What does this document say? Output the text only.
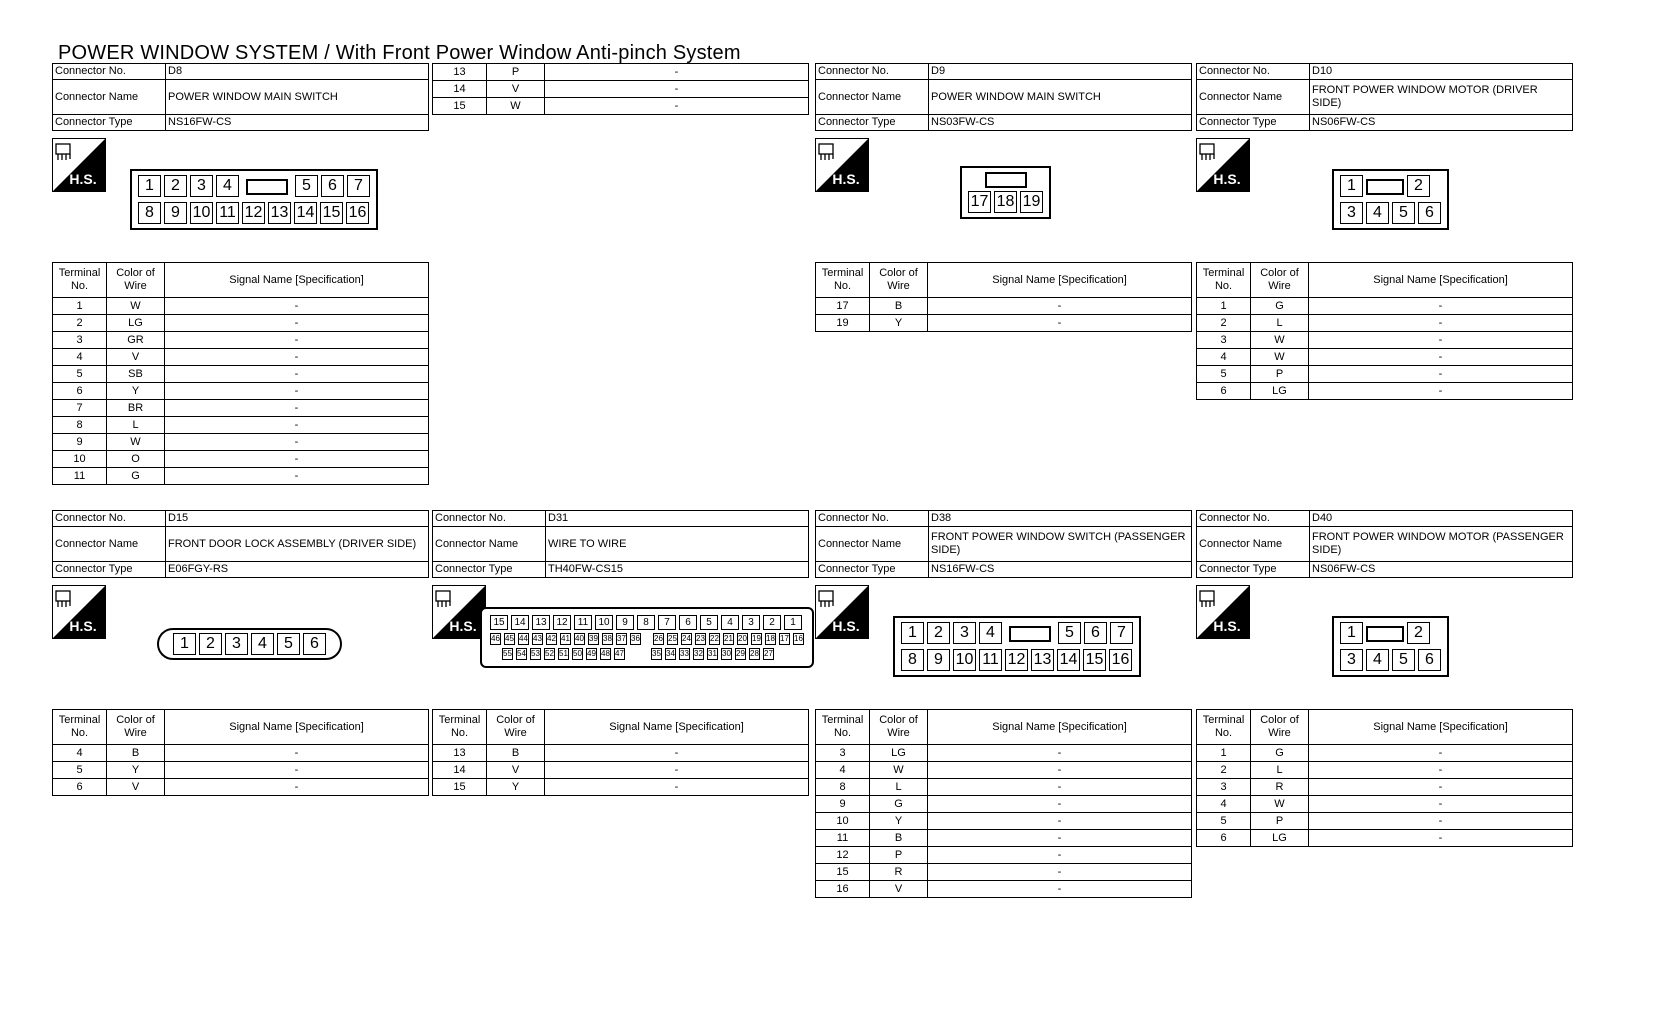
POWER WINDOW SYSTEM / With Front Power Window Anti-pinch System
Connector No.	D8
Connector Name	POWER WINDOW MAIN SWITCH
Connector Type	NS16FW-CS
H.S.	1	2	3	4	5	6	7
8	9 10 11 12 13 14 15 16
Terminal No.	Color of Wire	Signal Name [Specification]
1	W	-
2	LG	-
3	GR	-
4	V	-
5	SB	-
6	Y	-
7	BR	-
8	L	-
9	W	-
10	O	-
11	G	-
13	P	-
14	V	-
15	W	-
Connector No.	D9
Connector Name	POWER WINDOW MAIN SWITCH
Connector Type	NS03FW-CS
H.S.
17 18 19
Terminal No.	Color of Wire	Signal Name [Specification]
17	B	-
19	Y	-
Connector No.	D10
Connector Name	FRONT POWER WINDOW MOTOR (DRIVER SIDE)
Connector Type	NS06FW-CS
H.S.	1	2
3	4	5	6
Terminal No.	Color of Wire	Signal Name [Specification]
1	G	-
2	L	-
3	W	-
4	W	-
5	P	-
6	LG	-
Connector No.	D15
Connector Name	FRONT DOOR LOCK ASSEMBLY (DRIVER SIDE)
Connector Type	E06FGY-RS
H.S.
1	2	3	4	5	6
Terminal No.	Color of Wire	Signal Name [Specification]
4	B	-
5	Y	-
6	V	-
Connector No.	D31
Connector Name	WIRE TO WIRE
Connector Type	TH40FW-CS15
H.S.	15 14 13 12	11	10	9	8	7	6	5	4	3	2	1
46 45 44 43 42 41 40 39 38 37 36 26 25 24 23 22 21 20 19 18 17 16
55 54 53 52 51 50 49 48 47	35 34 33 32 31 30 29 28 27
Terminal No.	Color of Wire	Signal Name [Specification]
13	B	-
14	V	-
15	Y	-
Connector No.	D38
Connector Name	FRONT POWER WINDOW SWITCH (PASSENGER SIDE)
Connector Type	NS16FW-CS
H.S.	1	2	3	4	5	6	7
8	9 10 11 12 13 14 15 16
Terminal No.	Color of Wire	Signal Name [Specification]
3	LG	-
4	W	-
8	L	-
9	G	-
10	Y	-
11	B	-
12	P	-
15	R	-
16	V	-
Connector No.	D40
Connector Name	FRONT POWER WINDOW MOTOR (PASSENGER SIDE)
Connector Type	NS06FW-CS
H.S.	1	2
3	4	5	6
Terminal No.	Color of Wire	Signal Name [Specification]
1	G	-
2	L	-
3	R	-
4	W	-
5	P	-
6	LG	-
